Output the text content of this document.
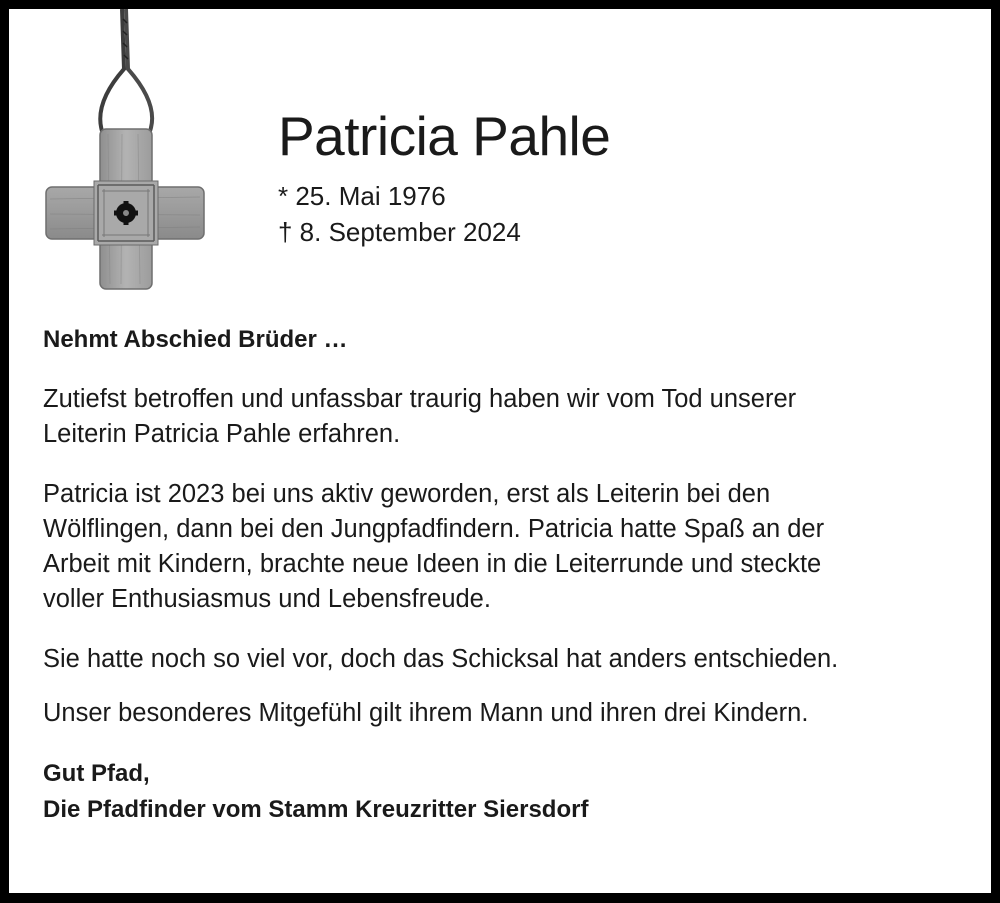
Patricia Pahle
* 25. Mai 1976
† 8. September 2024
Nehmt Abschied Brüder …
Zutiefst betroffen und unfassbar traurig haben wir vom Tod unserer
Leiterin Patricia Pahle erfahren.
Patricia ist 2023 bei uns aktiv geworden, erst als Leiterin bei den
Wölflingen, dann bei den Jungpfadfindern. Patricia hatte Spaß an der
Arbeit mit Kindern, brachte neue Ideen in die Leiterrunde und steckte
voller Enthusiasmus und Lebensfreude.
Sie hatte noch so viel vor, doch das Schicksal hat anders entschieden.
Unser besonderes Mitgefühl gilt ihrem Mann und ihren drei Kindern.
Gut Pfad,
Die Pfadfinder vom Stamm Kreuzritter Siersdorf
